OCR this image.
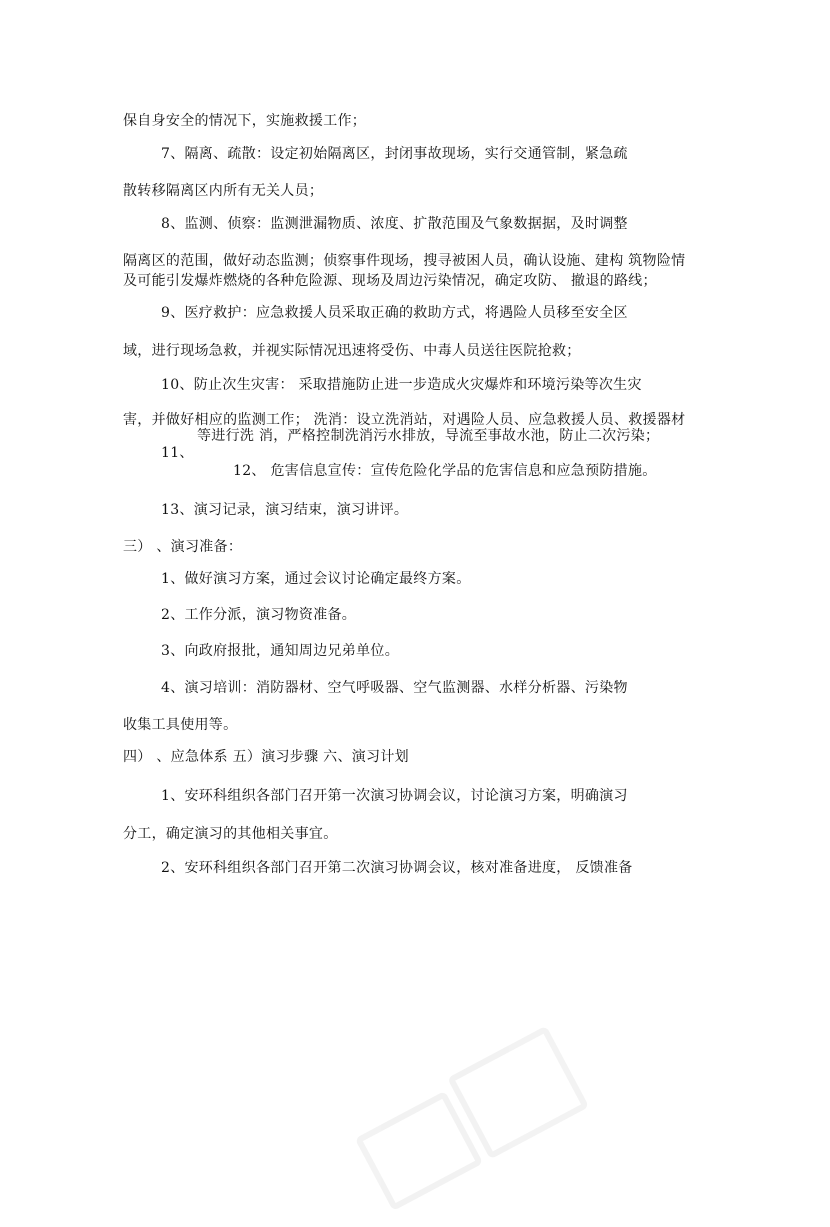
保自身安全的情况下，实施救援工作；
7、隔离、疏散：设定初始隔离区，封闭事故现场，实行交通管制，紧急疏
散转移隔离区内所有无关人员；
8、监测、侦察：监测泄漏物质、浓度、扩散范围及气象数据据，及时调整
隔离区的范围，做好动态监测；侦察事件现场，搜寻被困人员，确认设施、建构 筑物险情
及可能引发爆炸燃烧的各种危险源、现场及周边污染情况，确定攻防、 撤退的路线；
9、医疗救护：应急救援人员采取正确的救助方式，将遇险人员移至安全区
域，进行现场急救，并视实际情况迅速将受伤、中毒人员送往医院抢救；
10、防止次生灾害： 采取措施防止进一步造成火灾爆炸和环境污染等次生灾
害，并做好相应的监测工作； 洗消：设立洗消站，对遇险人员、应急救援人员、救援器材
等进行洗 消，严格控制洗消污水排放，导流至事故水池，防止二次污染；
11、
12、 危害信息宣传：宣传危险化学品的危害信息和应急预防措施。
13、演习记录，演习结束，演习讲评。
三） 、演习准备：
1、做好演习方案，通过会议讨论确定最终方案。
2、工作分派，演习物资准备。
3、向政府报批，通知周边兄弟单位。
4、演习培训：消防器材、空气呼吸器、空气监测器、水样分析器、污染物
收集工具使用等。
四） 、应急体系 五）演习步骤 六、演习计划
1、安环科组织各部门召开第一次演习协调会议，讨论演习方案，明确演习
分工，确定演习的其他相关事宜。
2、安环科组织各部门召开第二次演习协调会议，核对准备进度， 反馈准备
